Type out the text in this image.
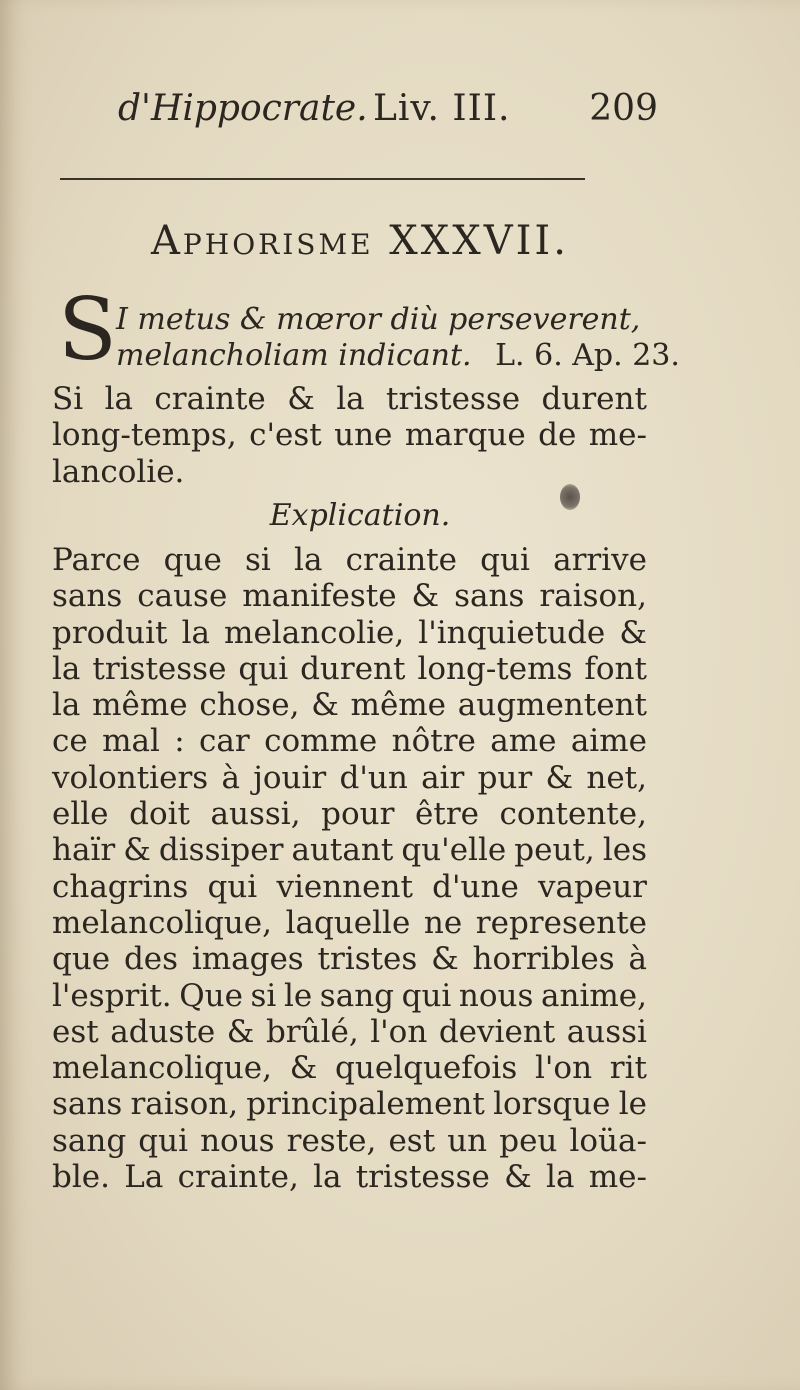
d'Hippocrate. Liv. III. 209
Aphorisme XXXVII.
S I metus & mœror diù perseverent,
melancholiam indicant. L. 6. Ap. 23.
Si la crainte & la tristesse durent
long-temps, c'est une marque de me-
lancolie.
Explication.
Parce que si la crainte qui arrive
sans cause manifeste & sans raison,
produit la melancolie, l'inquietude &
la tristesse qui durent long-tems font
la même chose, & même augmentent
ce mal : car comme nôtre ame aime
volontiers à jouir d'un air pur & net,
elle doit aussi, pour être contente,
haïr & dissiper autant qu'elle peut, les
chagrins qui viennent d'une vapeur
melancolique, laquelle ne represente
que des images tristes & horribles à
l'esprit. Que si le sang qui nous anime,
est aduste & brûlé, l'on devient aussi
melancolique, & quelquefois l'on rit
sans raison, principalement lorsque le
sang qui nous reste, est un peu loüa-
ble. La crainte, la tristesse & la me-
